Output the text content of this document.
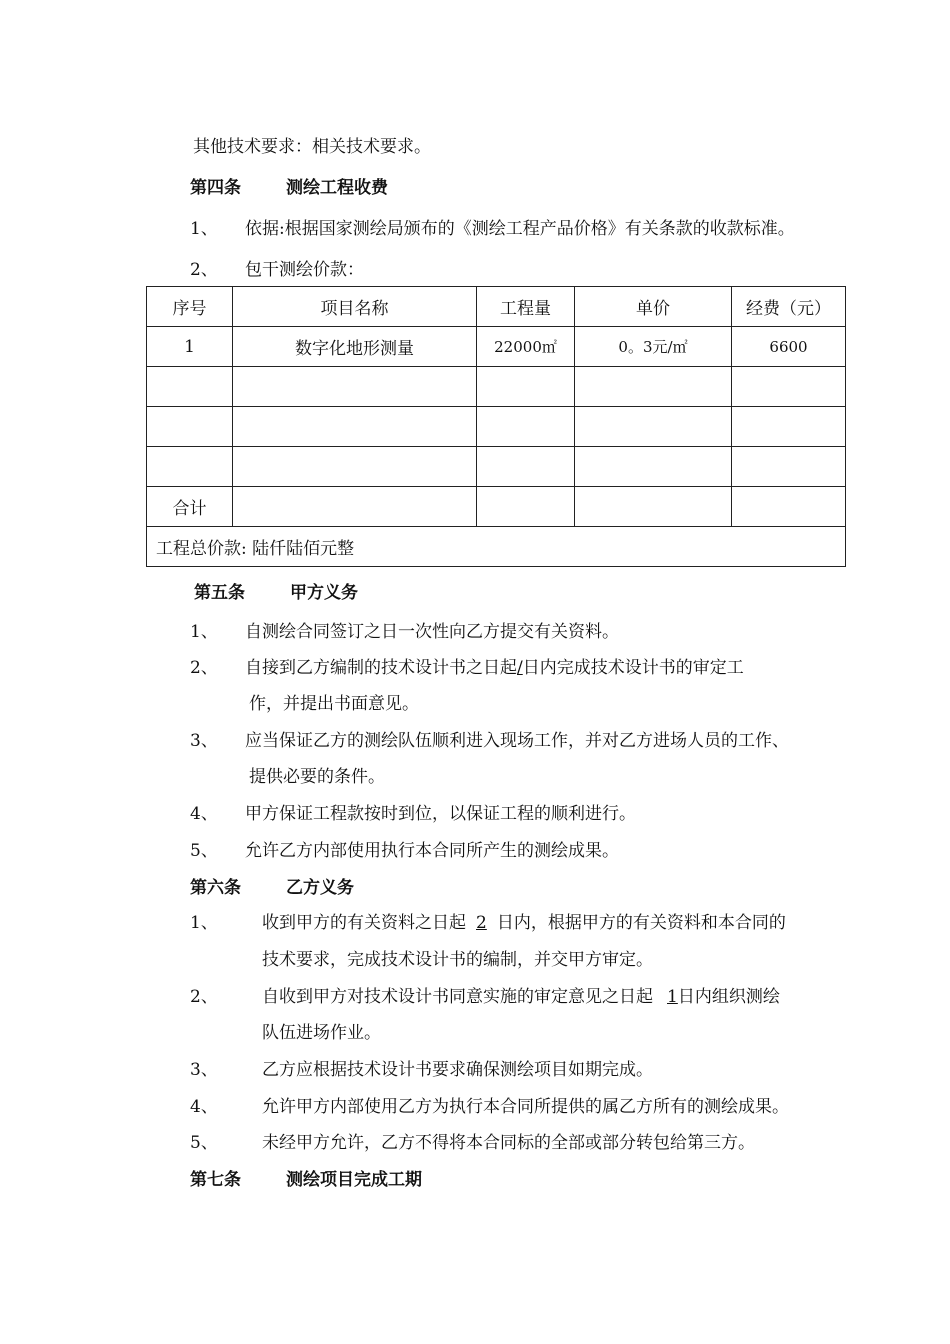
其他技术要求：相关技术要求。
第四条	测绘工程收费
1、 依据:根据国家测绘局颁布的《测绘工程产品价格》有关条款的收款标准。
2、 包干测绘价款：
序号	项目名称	工程量	单价	经费（元）
1	数字化地形测量	22000㎡	0。3元/㎡	6600

合计				
工程总价款: 陆仟陆佰元整				
第五条	甲方义务
1、 自测绘合同签订之日一次性向乙方提交有关资料。
2、 自接到乙方编制的技术设计书之日起/日内完成技术设计书的审定工
作，并提出书面意见。
3、 应当保证乙方的测绘队伍顺利进入现场工作，并对乙方进场人员的工作、
提供必要的条件。
4、 甲方保证工程款按时到位，以保证工程的顺利进行。
5、 允许乙方内部使用执行本合同所产生的测绘成果。
第六条	乙方义务
1、	收到甲方的有关资料之日起 2 日内，根据甲方的有关资料和本合同的
技术要求，完成技术设计书的编制，并交甲方审定。
2、	自收到甲方对技术设计书同意实施的审定意见之日起 1日内组织测绘
队伍进场作业。
3、	乙方应根据技术设计书要求确保测绘项目如期完成。
4、	允许甲方内部使用乙方为执行本合同所提供的属乙方所有的测绘成果。
5、	未经甲方允许，乙方不得将本合同标的全部或部分转包给第三方。
第七条	测绘项目完成工期
